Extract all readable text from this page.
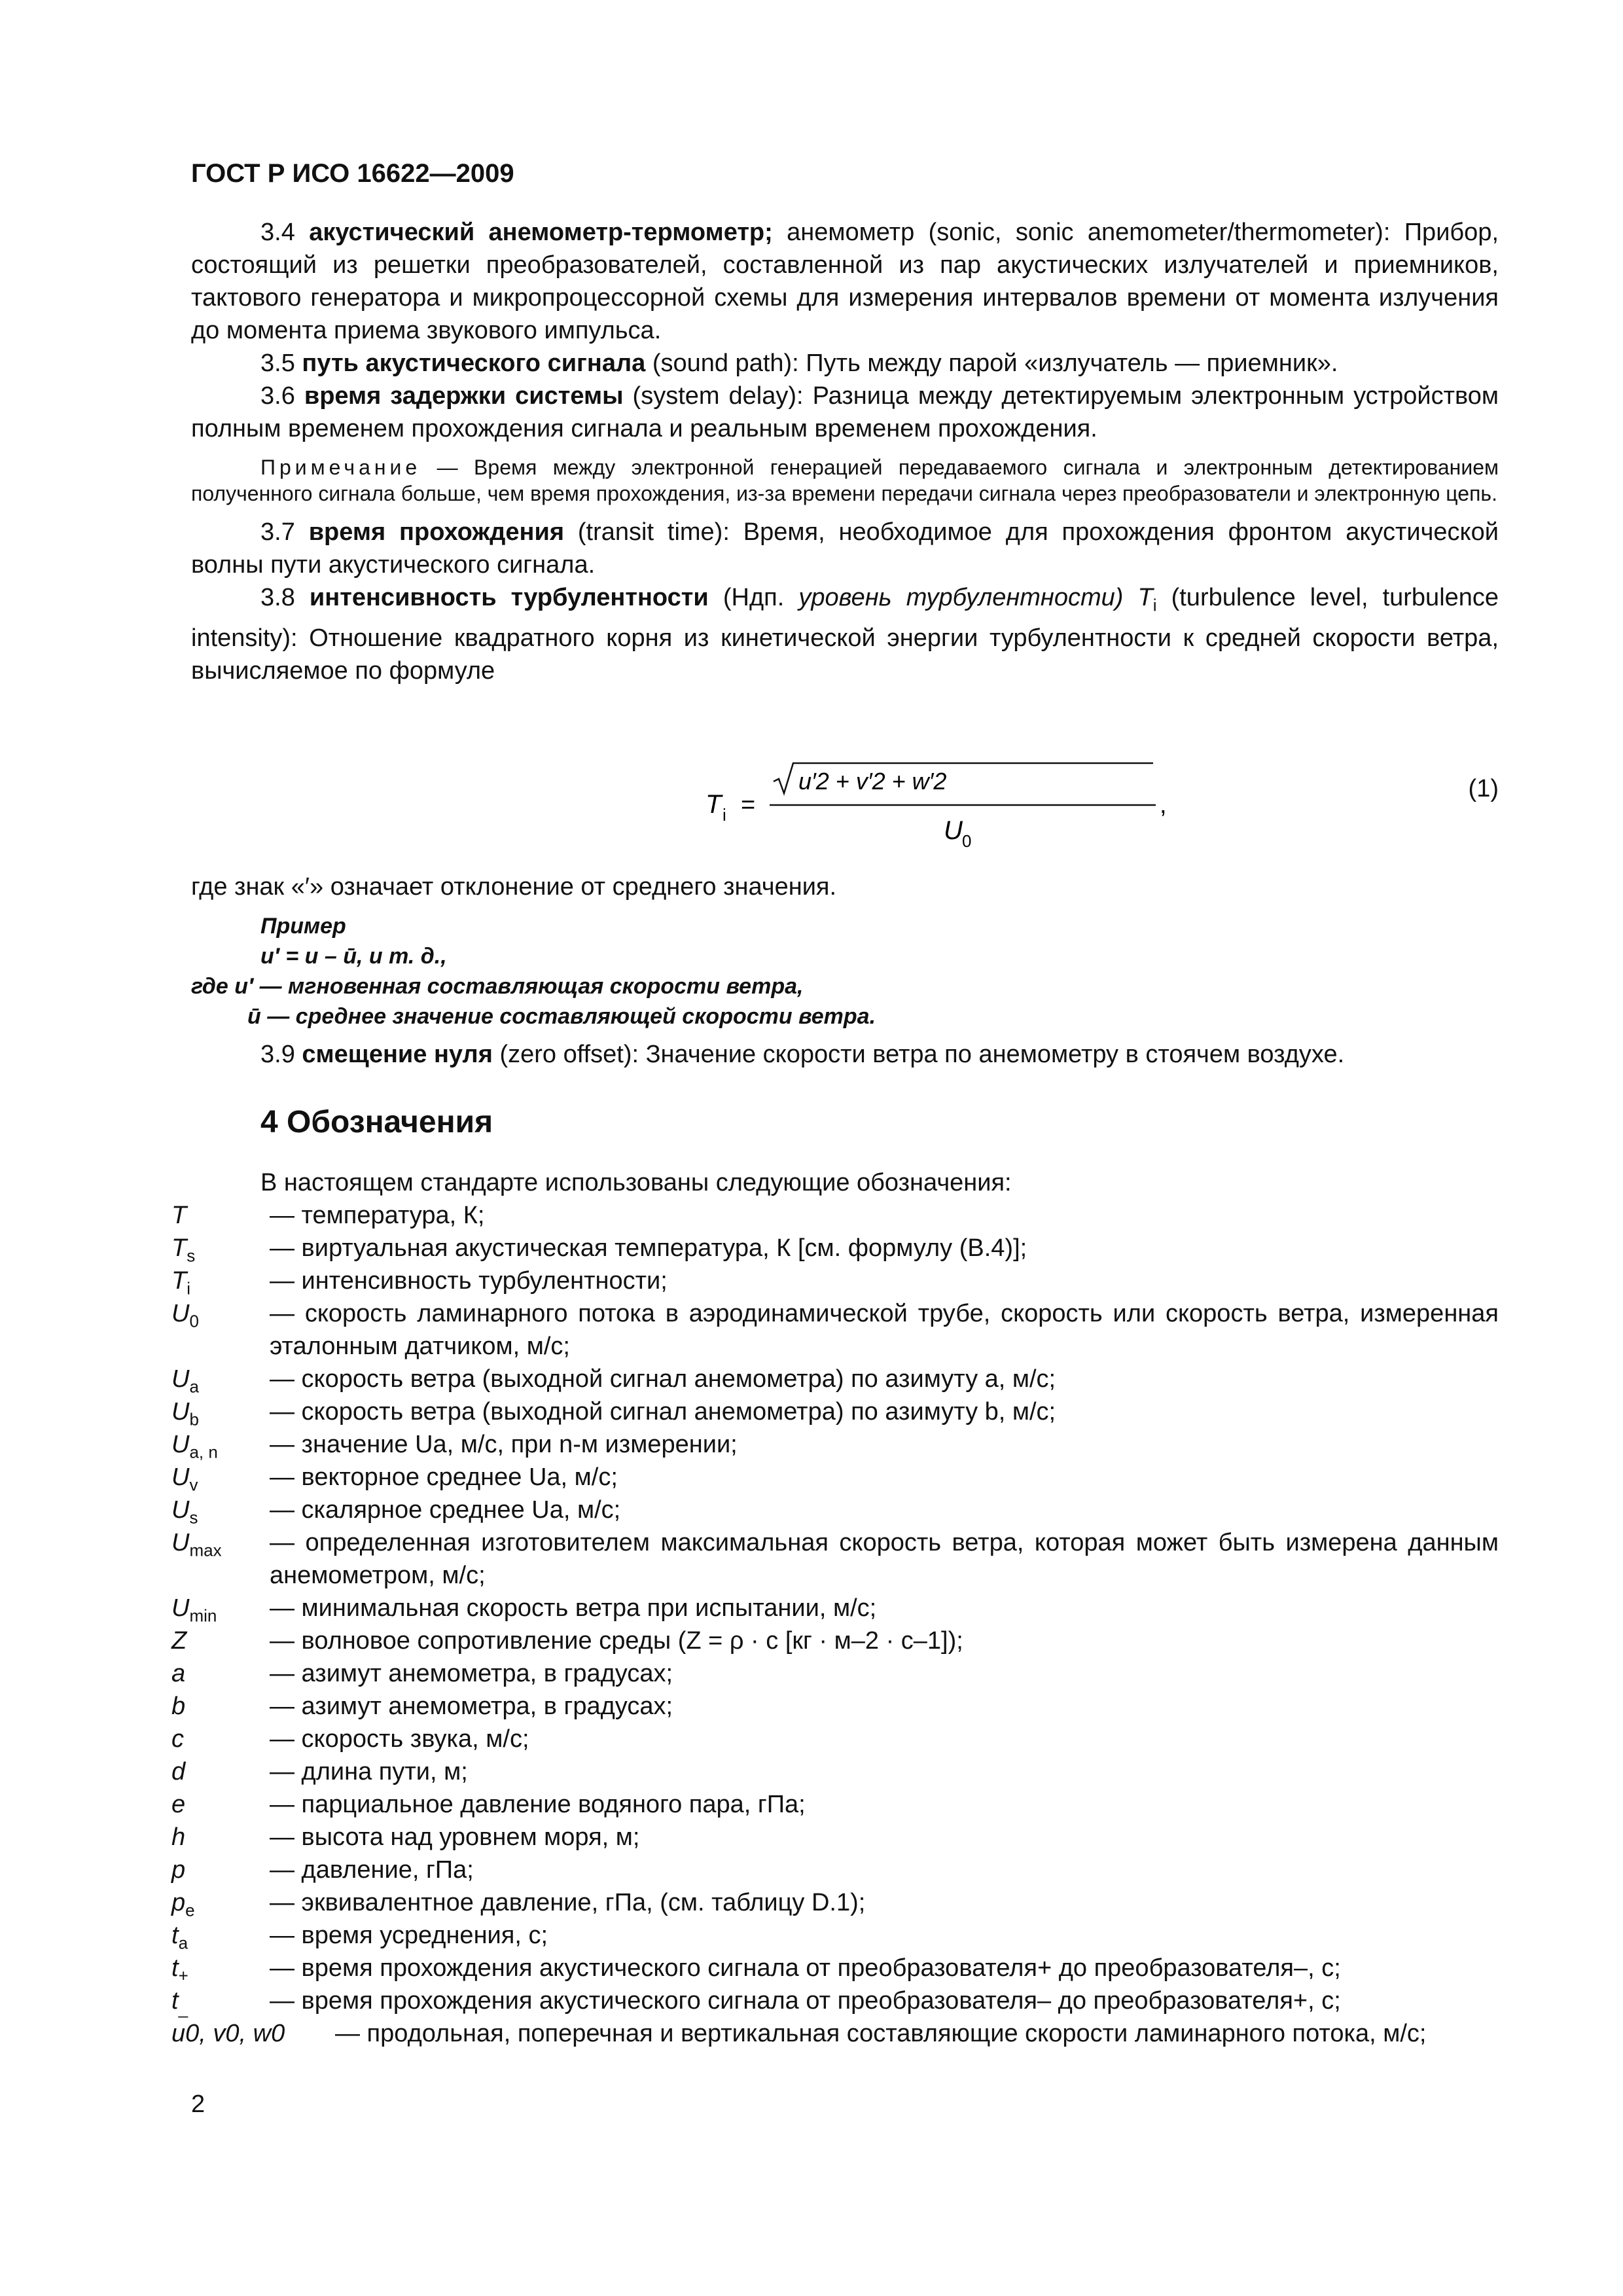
ГОСТ Р ИСО 16622—2009

3.4 акустический анемометр-термометр; анемометр (sonic, sonic anemometer/thermometer): Прибор, состоящий из решетки преобразователей, составленной из пар акустических излучателей и приемников, тактового генератора и микропроцессорной схемы для измерения интервалов времени от момента излучения до момента приема звукового импульса.

3.5 путь акустического сигнала (sound path): Путь между парой «излучатель — приемник».

3.6 время задержки системы (system delay): Разница между детектируемым электронным устройством полным временем прохождения сигнала и реальным временем прохождения.

Примечание — Время между электронной генерацией передаваемого сигнала и электронным детектированием полученного сигнала больше, чем время прохождения, из-за времени передачи сигнала через преобразователи и электронную цепь.

3.7 время прохождения (transit time): Время, необходимое для прохождения фронтом акустической волны пути акустического сигнала.

3.8 интенсивность турбулентности (Ндп. уровень турбулентности) $T_i$ (turbulence level, turbulence intensity): Отношение квадратного корня из кинетической энергии турбулентности к средней скорости ветра, вычисляемое по формуле

T i =
u′2 + v′2 + w′2
U 0
,
(1)
где знак «′» означает отклонение от среднего значения.
Пример
u′ = u – ū, и т. д.,
где u′ — мгновенная составляющая скорости ветра,
ū — среднее значение составляющей скорости ветра.

3.9 смещение нуля (zero offset): Значение скорости ветра по анемометру в стоячем воздухе.

4 Обозначения
В настоящем стандарте использованы следующие обозначения:
T	— температура, К;
$T_s$	— виртуальная акустическая температура, К [см. формулу (В.4)];
$T_i$	— интенсивность турбулентности;
$U_0$	— скорость ламинарного потока в аэродинамической трубе, скорость или скорость ветра, измеренная эталонным датчиком, м/с;
$U_a$	— скорость ветра (выходной сигнал анемометра) по азимуту a, м/с;
$U_b$	— скорость ветра (выходной сигнал анемометра) по азимуту b, м/с;
$U_{a, n}$	— значение Ua, м/с, при n-м измерении;
$U_v$	— векторное среднее Ua, м/с;
$U_s$	— скалярное среднее Ua, м/с;
$U_{max}$	— определенная изготовителем максимальная скорость ветра, которая может быть измерена данным анемометром, м/с;
$U_{min}$	— минимальная скорость ветра при испытании, м/с;
Z	— волновое сопротивление среды (Z = ρ · c [кг · м–2 · с–1]);
a	— азимут анемометра, в градусах;
b	— азимут анемометра, в градусах;
c	— скорость звука, м/с;
d	— длина пути, м;
e	— парциальное давление водяного пара, гПа;
h	— высота над уровнем моря, м;
p	— давление, гПа;
$p_e$	— эквивалентное давление, гПа, (см. таблицу D.1);
$t_a$	— время усреднения, с;
$t_+$	— время прохождения акустического сигнала от преобразователя+ до преобразователя–, с;
$t_{\_}$	— время прохождения акустического сигнала от преобразователя– до преобразователя+, с;
u0, v0, w0 — продольная, поперечная и вертикальная составляющие скорости ламинарного потока, м/с;
2
